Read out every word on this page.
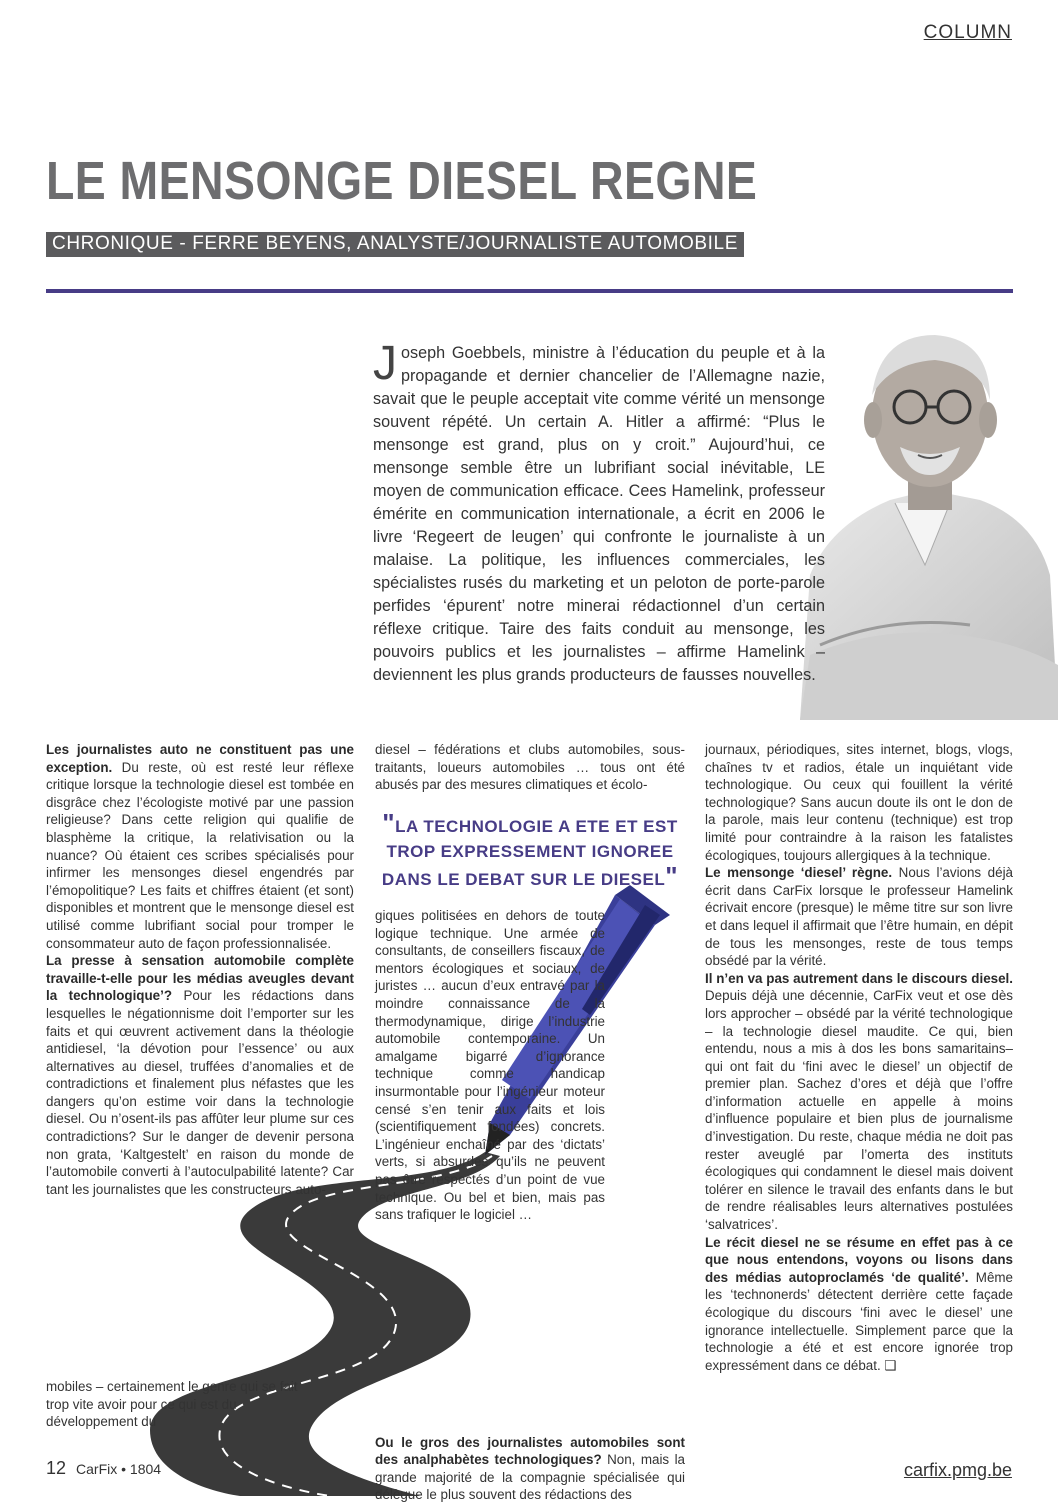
COLUMN
LE MENSONGE DIESEL REGNE
CHRONIQUE - FERRE BEYENS, ANALYSTE/JOURNALISTE AUTOMOBILE
Joseph Goebbels, ministre à l’éducation du peuple et à la propagande et dernier chancelier de l’Allemagne nazie, savait que le peuple acceptait vite comme vérité un mensonge souvent répété. Un certain A. Hitler a affirmé: “Plus le mensonge est grand, plus on y croit.” Aujourd’hui, ce mensonge semble être un lubrifiant social inévitable, LE moyen de communication efficace. Cees Hamelink, professeur émérite en communication internationale, a écrit en 2006 le livre ‘Regeert de leugen’ qui confronte le journaliste à un malaise. La politique, les influences commerciales, les spécialistes rusés du marketing et un peloton de porte-parole perfides ‘épurent’ notre minerai rédactionnel d’un certain réflexe critique. Taire des faits conduit au mensonge, les pouvoirs publics et les journalistes – affirme Hamelink – deviennent les plus grands producteurs de fausses nouvelles.

Les journalistes auto ne constituent pas une exception. Du reste, où est resté leur réflexe critique lorsque la technologie diesel est tombée en disgrâce chez l’écologiste motivé par une passion religieuse? Dans cette religion qui qualifie de blasphème la critique, la relativisation ou la nuance? Où étaient ces scribes spécialisés pour infirmer les mensonges diesel engendrés par l’émopolitique? Les faits et chiffres étaient (et sont) disponibles et montrent que le mensonge diesel est utilisé comme lubrifiant social pour tromper le consommateur auto de façon professionnalisée.

La presse à sensation automobile complète travaille-t-elle pour les médias aveugles devant la technologique’? Pour les rédactions dans lesquelles le négationnisme doit l’emporter sur les faits et qui œuvrent activement dans la théologie antidiesel, ‘la dévotion pour l’essence’ ou aux alternatives au diesel, truffées d’anomalies et de contradictions et finalement plus néfastes que les dangers qu’on estime voir dans la technologie diesel. Ou n’osent-ils pas affûter leur plume sur ces contradictions? Sur le danger de devenir persona non grata, ‘Kaltgestelt’ en raison du monde de l’automobile converti à l’autoculpabilité latente? Car tant les journalistes que les constructeurs auto-

mobiles – certainement le genre qui se fait trop vite avoir pour ce qui est du développement du
diesel – fédérations et clubs automobiles, sous-traitants, loueurs automobiles … tous ont été abusés par des mesures climatiques et écolo-
"LA TECHNOLOGIE A ETE ET EST TROP EXPRESSEMENT IGNOREE DANS LE DEBAT SUR LE DIESEL"

giques politisées en dehors de toute logique technique. Une armée de consultants, de conseillers fiscaux, de mentors écologiques et sociaux, de juristes … aucun d’eux entravé par la moindre connaissance de la thermodynamique, dirige l’industrie automobile contemporaine. Un amalgame bigarré d’ignorance technique comme handicap insurmontable pour l’ingénieur moteur censé s’en tenir aux faits et lois (scientifiquement fondées) concrets. L’ingénieur enchaîné par des ‘dictats’ verts, si absurdes qu’ils ne peuvent pas être respectés d’un point de vue technique. Ou bel et bien, mais pas sans trafiquer le logiciel …

Ou le gros des journalistes automobiles sont des analphabètes technologiques? Non, mais la grande majorité de la compagnie spécialisée qui délègue le plus souvent des rédactions des

journaux, périodiques, sites internet, blogs, vlogs, chaînes tv et radios, étale un inquiétant vide technologique. Ou ceux qui fouillent la vérité technologique? Sans aucun doute ils ont le don de la parole, mais leur contenu (technique) est trop limité pour contraindre à la raison les fatalistes écologiques, toujours allergiques à la technique.

Le mensonge ‘diesel’ règne. Nous l’avions déjà écrit dans CarFix lorsque le professeur Hamelink écrivait encore (presque) le même titre sur son livre et dans lequel il affirmait que l’être humain, en dépit de tous les mensonges, reste de tous temps obsédé par la vérité.

Il n’en va pas autrement dans le discours diesel. Depuis déjà une décennie, CarFix veut et ose dès lors approcher – obsédé par la vérité technologique – la technologie diesel maudite. Ce qui, bien entendu, nous a mis à dos les bons samaritains– qui ont fait du ‘fini avec le diesel’ un objectif de premier plan. Sachez d’ores et déjà que l’offre d’information actuelle en appelle à moins d’influence populaire et bien plus de journalisme d’investigation. Du reste, chaque média ne doit pas rester aveuglé par l’omerta des instituts écologiques qui condamnent le diesel mais doivent tolérer en silence le travail des enfants dans le but de rendre réalisables leurs alternatives postulées ‘salvatrices’.

Le récit diesel ne se résume en effet pas à ce que nous entendons, voyons ou lisons dans des médias autoproclamés ‘de qualité’. Même les ‘technonerds’ détectent derrière cette façade écologique du discours ‘fini avec le diesel’ une ignorance intellectuelle. Simplement parce que la technologie a été et est encore ignorée trop expressément dans ce débat. ❑

12 CarFix • 1804	carfix.pmg.be
